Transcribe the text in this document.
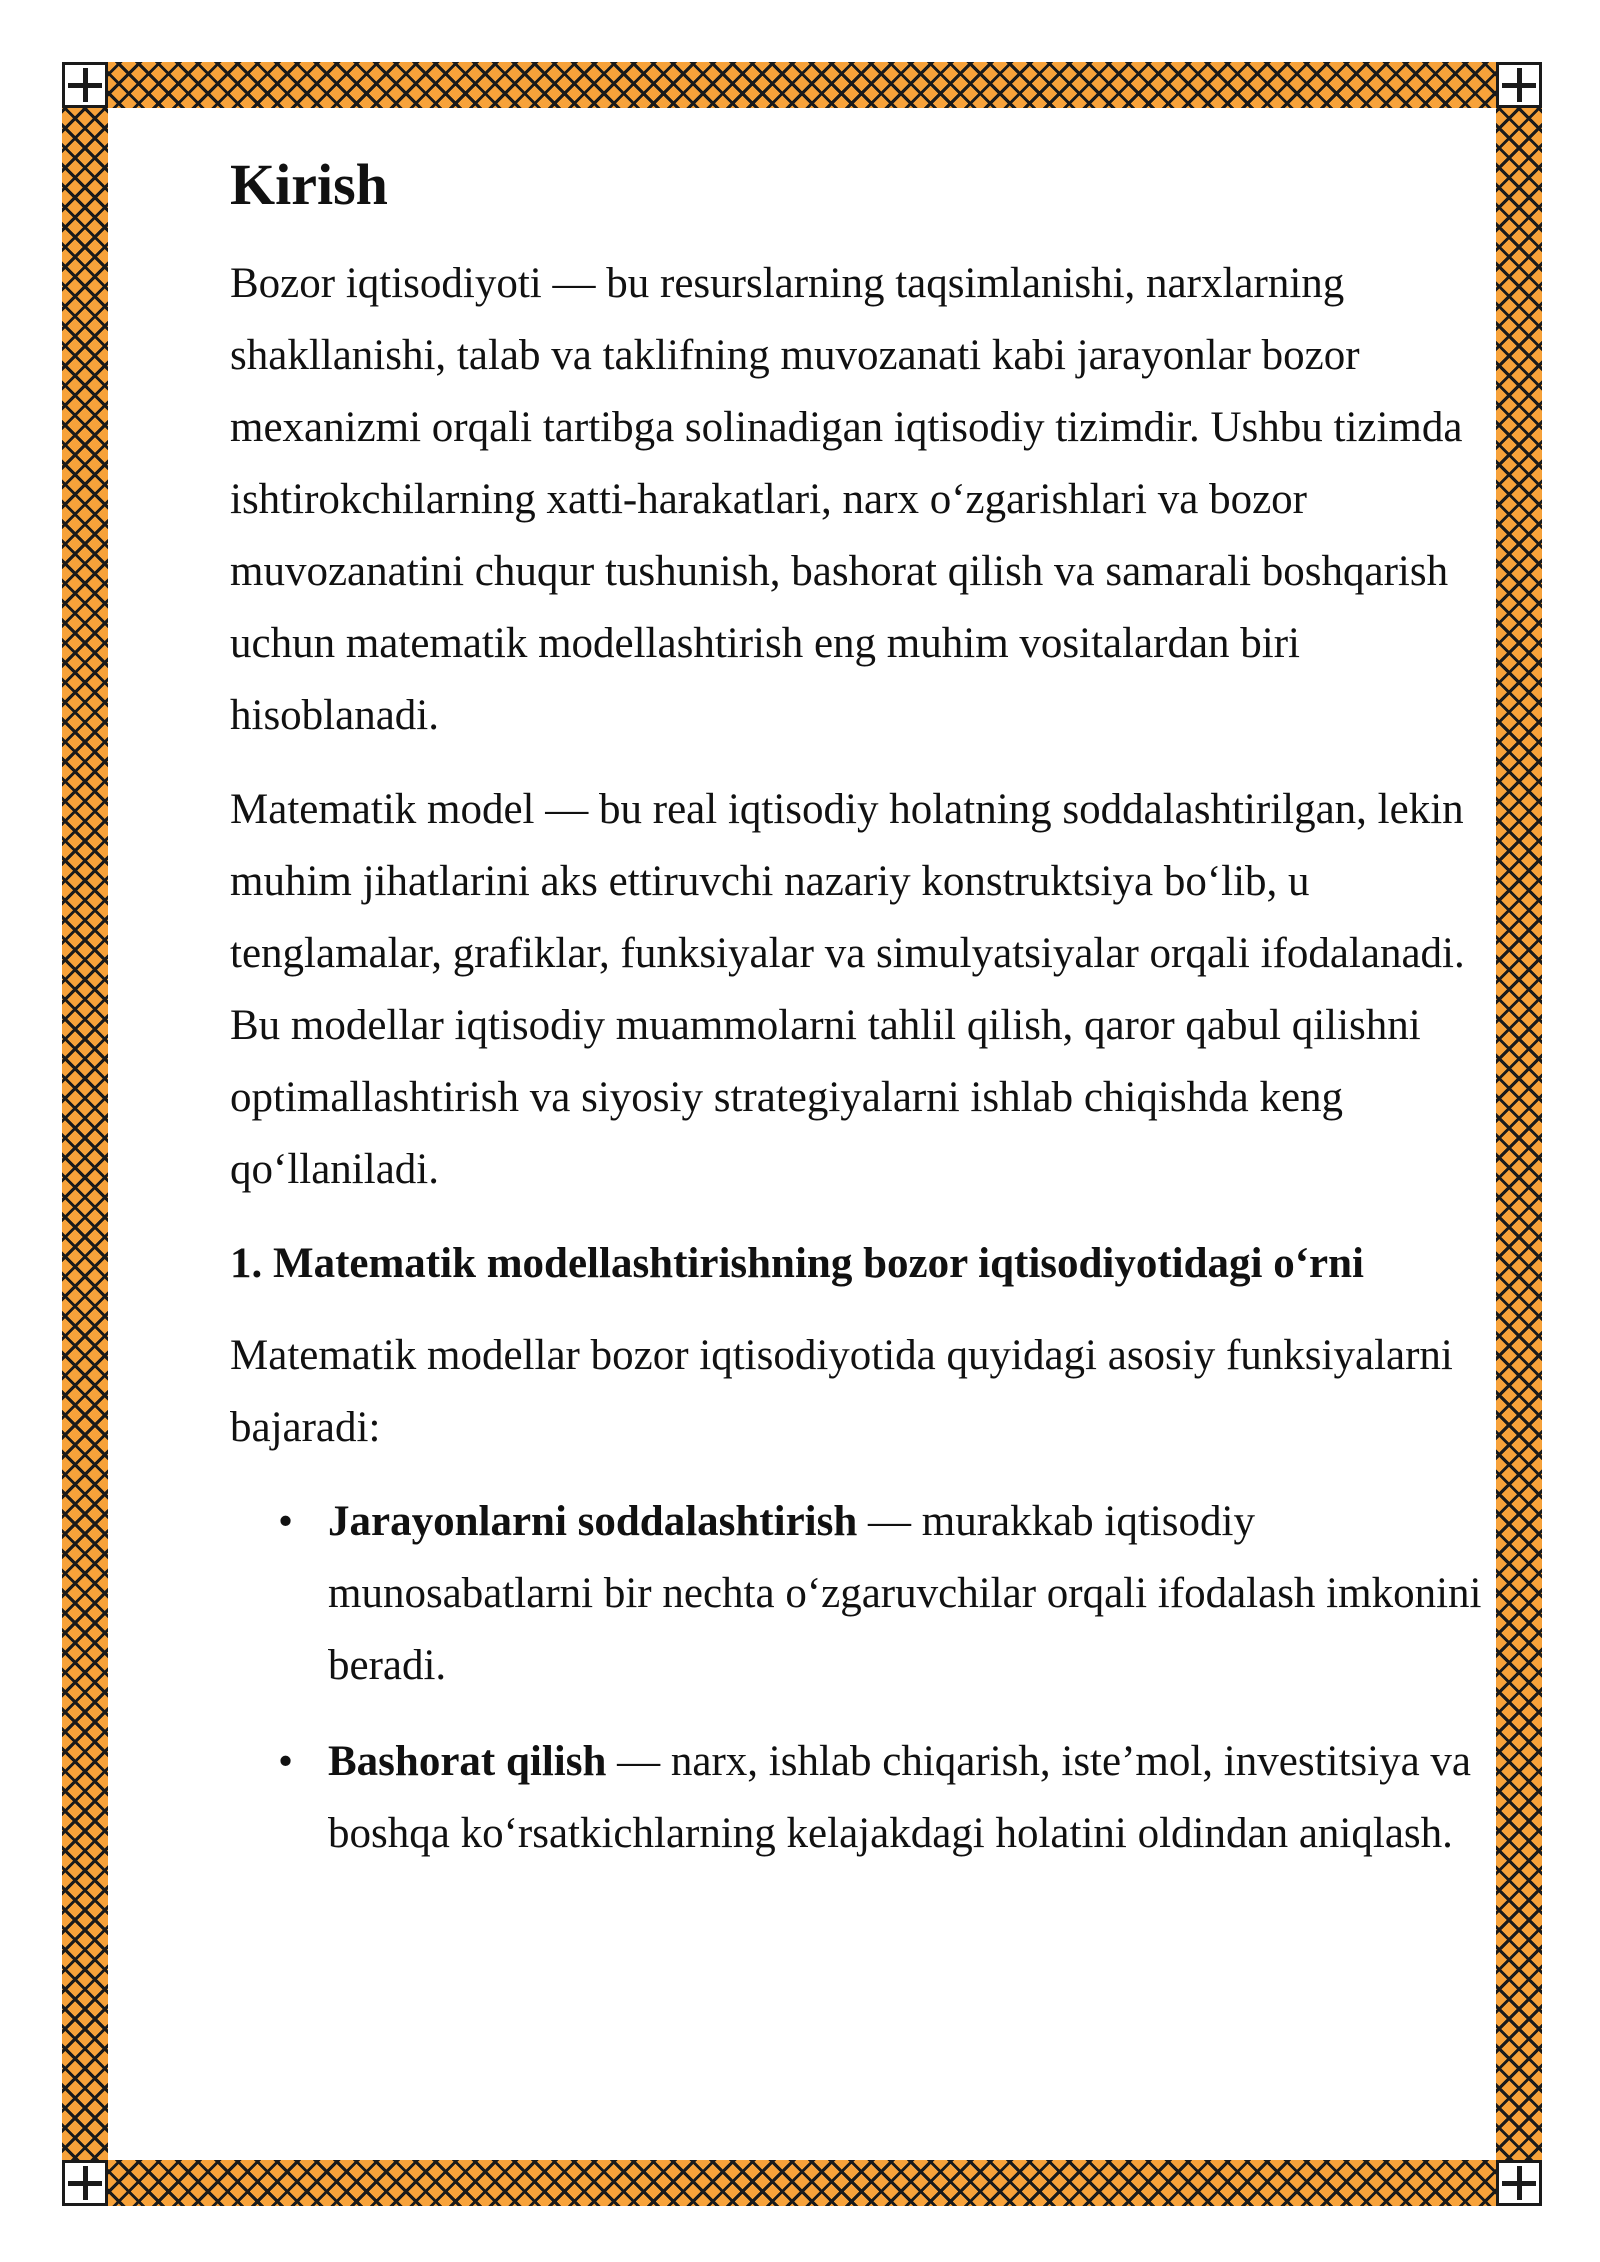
Kirish

Bozor iqtisodiyoti — bu resurslarning taqsimlanishi, narxlarning shakllanishi, talab va taklifning muvozanati kabi jarayonlar bozor mexanizmi orqali tartibga solinadigan iqtisodiy tizimdir. Ushbu tizimda ishtirokchilarning xatti-harakatlari, narx o‘zgarishlari va bozor muvozanatini chuqur tushunish, bashorat qilish va samarali boshqarish uchun matematik modellashtirish eng muhim vositalardan biri hisoblanadi.

Matematik model — bu real iqtisodiy holatning soddalashtirilgan, lekin muhim jihatlarini aks ettiruvchi nazariy konstruktsiya bo‘lib, u tenglamalar, grafiklar, funksiyalar va simulyatsiyalar orqali ifodalanadi. Bu modellar iqtisodiy muammolarni tahlil qilish, qaror qabul qilishni optimallashtirish va siyosiy strategiyalarni ishlab chiqishda keng qo‘llaniladi.

1. Matematik modellashtirishning bozor iqtisodiyotidagi o‘rni

Matematik modellar bozor iqtisodiyotida quyidagi asosiy funksiyalarni bajaradi:

• Jarayonlarni soddalashtirish — murakkab iqtisodiy munosabatlarni bir nechta o‘zgaruvchilar orqali ifodalash imkonini beradi.
• Bashorat qilish — narx, ishlab chiqarish, iste’mol, investitsiya va boshqa ko‘rsatkichlarning kelajakdagi holatini oldindan aniqlash.
